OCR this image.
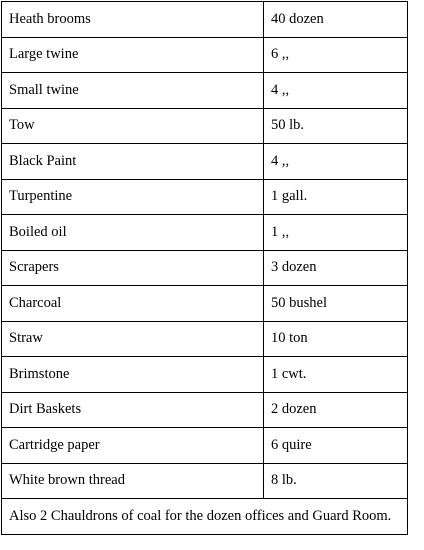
Heath brooms	40 dozen
Large twine	6 ,,
Small twine	4 ,,
Tow	50 lb.
Black Paint	4 ,,
Turpentine	1 gall.
Boiled oil	1 ,,
Scrapers	3 dozen
Charcoal	50 bushel
Straw	10 ton
Brimstone	1 cwt.
Dirt Baskets	2 dozen
Cartridge paper	6 quire
White brown thread	8 lb.
Also 2 Chauldrons of coal for the dozen offices and Guard Room.	
